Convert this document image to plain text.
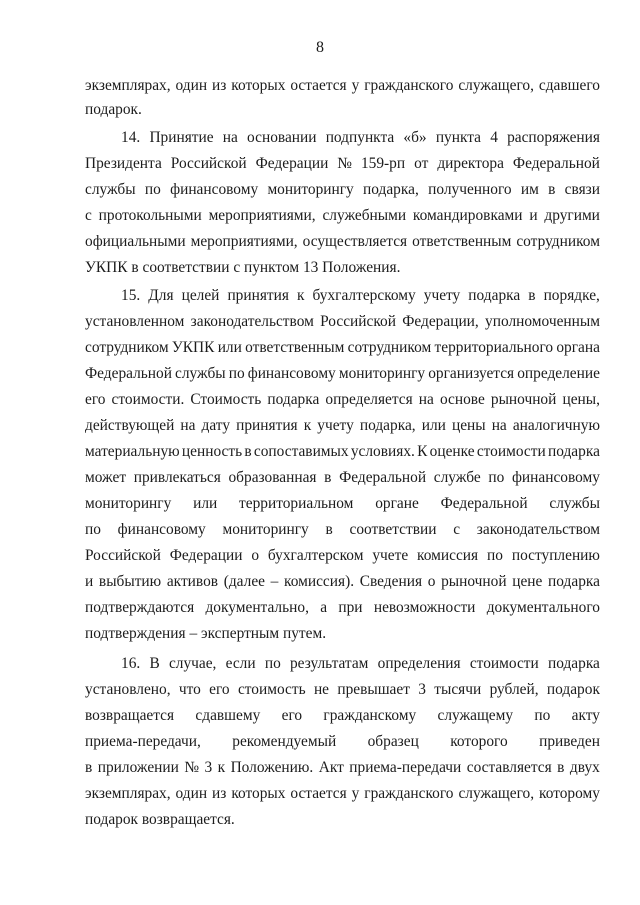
8
экземплярах, один из которых остается у гражданского служащего, сдавшего
подарок.
14. Принятие на основании подпункта «б» пункта 4 распоряжения
Президента Российской Федерации № 159-рп от директора Федеральной
службы по финансовому мониторингу подарка, полученного им в связи
с протокольными мероприятиями, служебными командировками и другими
официальными мероприятиями, осуществляется ответственным сотрудником
УКПК в соответствии с пунктом 13 Положения.
15. Для целей принятия к бухгалтерскому учету подарка в порядке,
установленном законодательством Российской Федерации, уполномоченным
сотрудником УКПК или ответственным сотрудником территориального органа
Федеральной службы по финансовому мониторингу организуется определение
его стоимости. Стоимость подарка определяется на основе рыночной цены,
действующей на дату принятия к учету подарка, или цены на аналогичную
материальную ценность в сопоставимых условиях. К оценке стоимости подарка
может привлекаться образованная в Федеральной службе по финансовому
мониторингу или территориальном органе Федеральной службы
по финансовому мониторингу в соответствии с законодательством
Российской Федерации о бухгалтерском учете комиссия по поступлению
и выбытию активов (далее – комиссия). Сведения о рыночной цене подарка
подтверждаются документально, а при невозможности документального
подтверждения – экспертным путем.
16. В случае, если по результатам определения стоимости подарка
установлено, что его стоимость не превышает 3 тысячи рублей, подарок
возвращается сдавшему его гражданскому служащему по акту
приема-передачи, рекомендуемый образец которого приведен
в приложении № 3 к Положению. Акт приема-передачи составляется в двух
экземплярах, один из которых остается у гражданского служащего, которому
подарок возвращается.
